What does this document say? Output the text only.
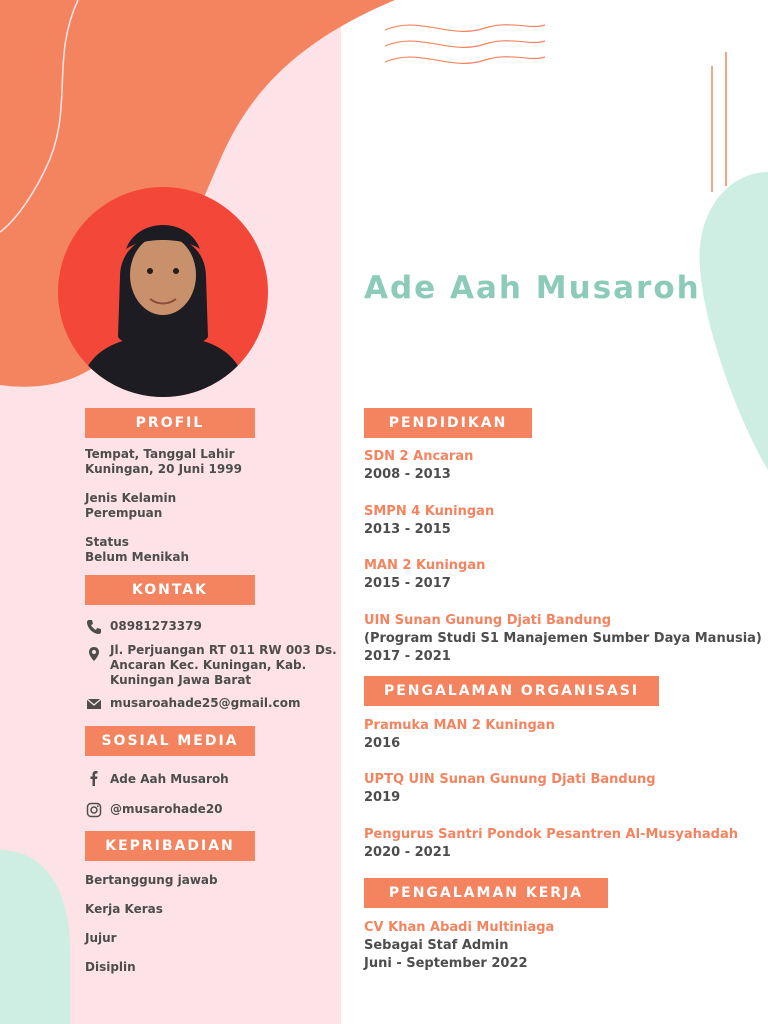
Ade Aah Musaroh
PROFIL
Tempat, Tanggal Lahir
Kuningan, 20 Juni 1999
Jenis Kelamin
Perempuan
Status
Belum Menikah
KONTAK
08981273379
Jl. Perjuangan RT 011 RW 003 Ds.
Ancaran Kec. Kuningan, Kab.
Kuningan Jawa Barat
musaroahade25@gmail.com
SOSIAL MEDIA
Ade Aah Musaroh
@musarohade20
KEPRIBADIAN
Bertanggung jawab
Kerja Keras
Jujur
Disiplin
PENDIDIKAN
SDN 2 Ancaran
2008 - 2013
SMPN 4 Kuningan
2013 - 2015
MAN 2 Kuningan
2015 - 2017
UIN Sunan Gunung Djati Bandung
(Program Studi S1 Manajemen Sumber Daya Manusia)
2017 - 2021
PENGALAMAN ORGANISASI
Pramuka MAN 2 Kuningan
2016
UPTQ UIN Sunan Gunung Djati Bandung
2019
Pengurus Santri Pondok Pesantren Al-Musyahadah
2020 - 2021
PENGALAMAN KERJA
CV Khan Abadi Multiniaga
Sebagai Staf Admin
Juni - September 2022
